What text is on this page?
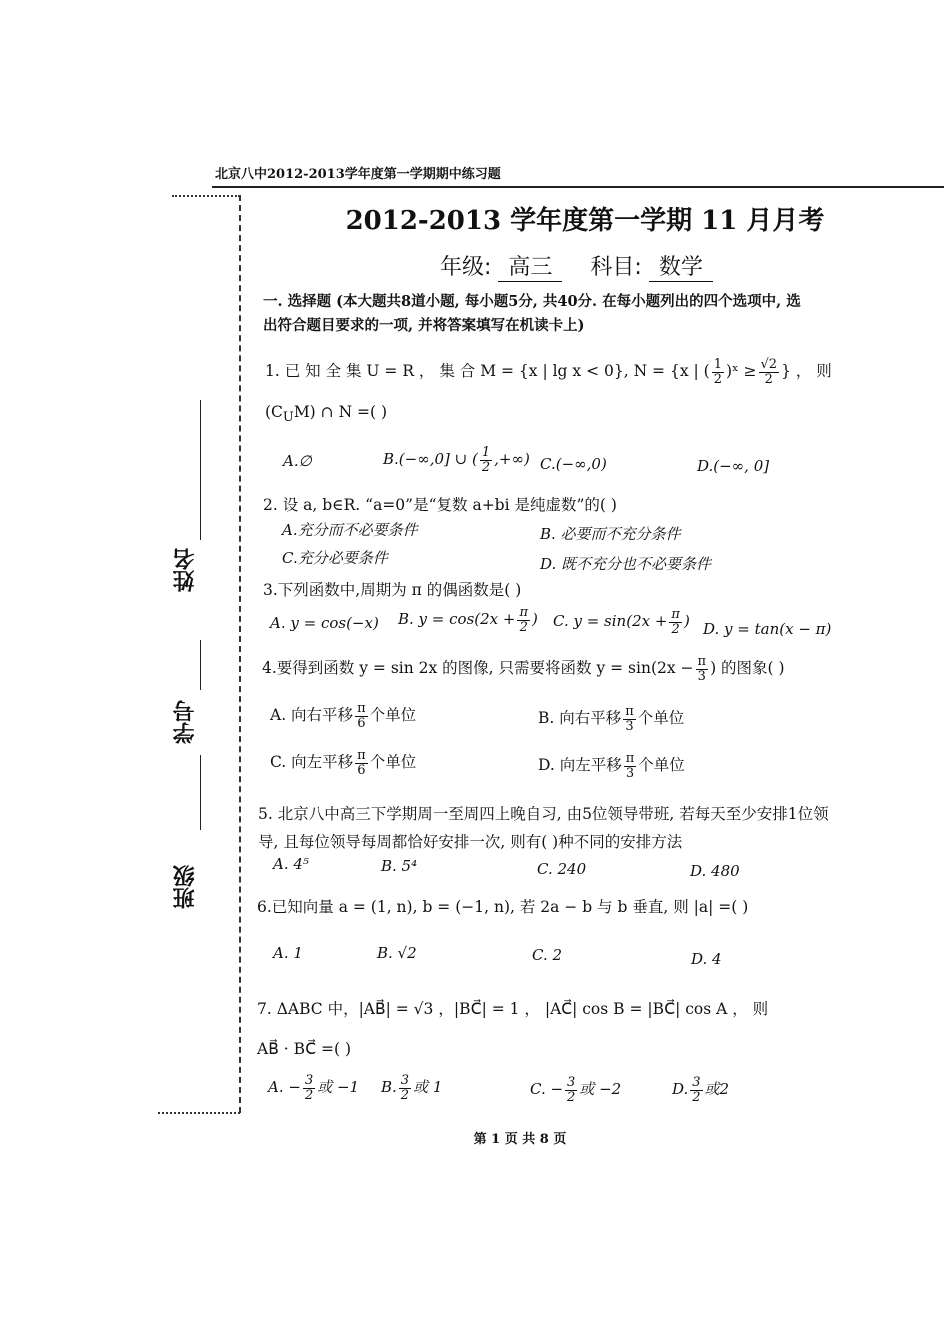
北京八中2012-2013学年度第一学期期中练习题
姓名
学号
班级
2012-2013 学年度第一学期 11 月月考
年级: 高三 科目: 数学
一. 选择题 (本大题共8道小题, 每小题5分, 共40分. 在每小题列出的四个选项中, 选
出符合题目要求的一项, 并将答案填写在机读卡上)
1. 已 知 全 集 U = R ， 集 合 M = {x | lg x < 0}, N = {x | ( $\frac{1}{2}$ )ˣ ≥ $\frac{√2}{2}$ } ， 则
$(C_UM)$ ∩ N =( )
A.∅	B.(−∞,0] ∪ ( $\frac{1}{2}$ ,+∞) C.(−∞,0)	D.(−∞, 0]
2. 设 a, b∈R. “a=0”是“复数 a+bi 是纯虚数”的( )
A.充分而不必要条件	B. 必要而不充分条件
C.充分必要条件	D. 既不充分也不必要条件
3.下列函数中,周期为 π 的偶函数是( )
A. y = cos(−x) B. $y = \cos(2x + \frac{\pi}{2}$ ) C. $y = \sin(2x + \frac{\pi}{2}$ ) D. y = tan(x − π)
4.要得到函数 y = sin 2x 的图像, 只需要将函数 $y = \sin(2x - \frac{\pi}{3}$ ) 的图象( )
A. 向右平移 $\frac{\pi}{6}$ 个单位	B. 向右平移 $\frac{\pi}{3}$ 个单位
C. 向左平移 $\frac{\pi}{6}$ 个单位	D. 向左平移 $\frac{\pi}{3}$ 个单位
5. 北京八中高三下学期周一至周四上晚自习, 由5位领导带班, 若每天至少安排1位领
导, 且每位领导每周都恰好安排一次, 则有( )种不同的安排方法
A. 4⁵	B. 5⁴	C. 240	D. 480
6.已知向量 a = (1, n), b = (−1, n), 若 2a − b 与 b 垂直, 则 |a| =( )
A. 1	B. √2	C. 2	D. 4
7. ΔABC 中，|AB⃗| = √3 ，|BC⃗| = 1 ， |AC⃗| cos B = |BC⃗| cos A ， 则
AB⃗ · BC⃗ =( )
A. − $\frac{3}{2}$ 或 −1 B. $\frac{3}{2}$ 或 1	C. − $\frac{3}{2}$ 或 −2	D. $\frac{3}{2}$ 或2
第 1 页 共 8 页
